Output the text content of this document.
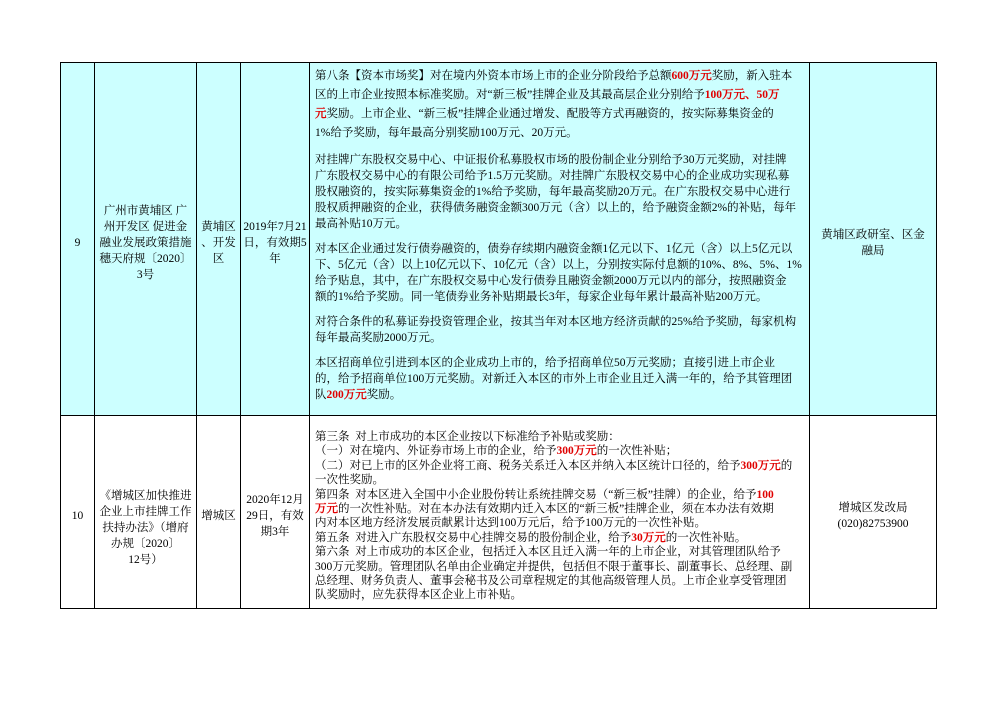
9
广州市黄埔区 广
州开发区 促进金
融业发展政策措施
穗天府规〔2020〕
3号
黄埔区
、开发
区
2019年7月21
日，有效期5
年
第八条【资本市场奖】对在境内外资本市场上市的企业分阶段给予总额600万元奖励，新入驻本
区的上市企业按照本标准奖励。对“新三板”挂牌企业及其最高层企业分别给予100万元、50万
元奖励。上市企业、“新三板”挂牌企业通过增发、配股等方式再融资的，按实际募集资金的
1%给予奖励，每年最高分别奖励100万元、20万元。
对挂牌广东股权交易中心、中证报价私募股权市场的股份制企业分别给予30万元奖励，对挂牌
广东股权交易中心的有限公司给予1.5万元奖励。对挂牌广东股权交易中心的企业成功实现私募
股权融资的，按实际募集资金的1%给予奖励，每年最高奖励20万元。在广东股权交易中心进行
股权质押融资的企业，获得债务融资金额300万元（含）以上的，给予融资金额2%的补贴，每年
最高补贴10万元。
对本区企业通过发行债券融资的，债券存续期内融资金额1亿元以下、1亿元（含）以上5亿元以
下、5亿元（含）以上10亿元以下、10亿元（含）以上，分别按实际付息额的10%、8%、5%、1%
给予贴息，其中，在广东股权交易中心发行债券且融资金额2000万元以内的部分，按照融资金
额的1%给予奖励。同一笔债券业务补贴期最长3年，每家企业每年累计最高补贴200万元。
对符合条件的私募证券投资管理企业，按其当年对本区地方经济贡献的25%给予奖励，每家机构
每年最高奖励2000万元。
本区招商单位引进到本区的企业成功上市的，给予招商单位50万元奖励；直接引进上市企业
的，给予招商单位100万元奖励。对新迁入本区的市外上市企业且迁入满一年的，给予其管理团
队200万元奖励。
黄埔区政研室、区金
融局
10
《增城区加快推进
企业上市挂牌工作
扶持办法》（增府
办规〔2020〕
12号）
增城区
2020年12月
29日，有效
期3年
第三条  对上市成功的本区企业按以下标准给予补贴或奖励：
（一）对在境内、外证券市场上市的企业，给予300万元的一次性补贴；
（二）对已上市的区外企业将工商、税务关系迁入本区并纳入本区统计口径的，给予300万元的
一次性奖励。
第四条  对本区进入全国中小企业股份转让系统挂牌交易（“新三板”挂牌）的企业，给予100
万元的一次性补贴。对在本办法有效期内迁入本区的“新三板”挂牌企业，须在本办法有效期
内对本区地方经济发展贡献累计达到100万元后，给予100万元的一次性补贴。
第五条  对进入广东股权交易中心挂牌交易的股份制企业，给予30万元的一次性补贴。
第六条  对上市成功的本区企业，包括迁入本区且迁入满一年的上市企业，对其管理团队给予
300万元奖励。管理团队名单由企业确定并提供，包括但不限于董事长、副董事长、总经理、副
总经理、财务负责人、董事会秘书及公司章程规定的其他高级管理人员。上市企业享受管理团
队奖励时，应先获得本区企业上市补贴。
增城区发改局
(020)82753900
